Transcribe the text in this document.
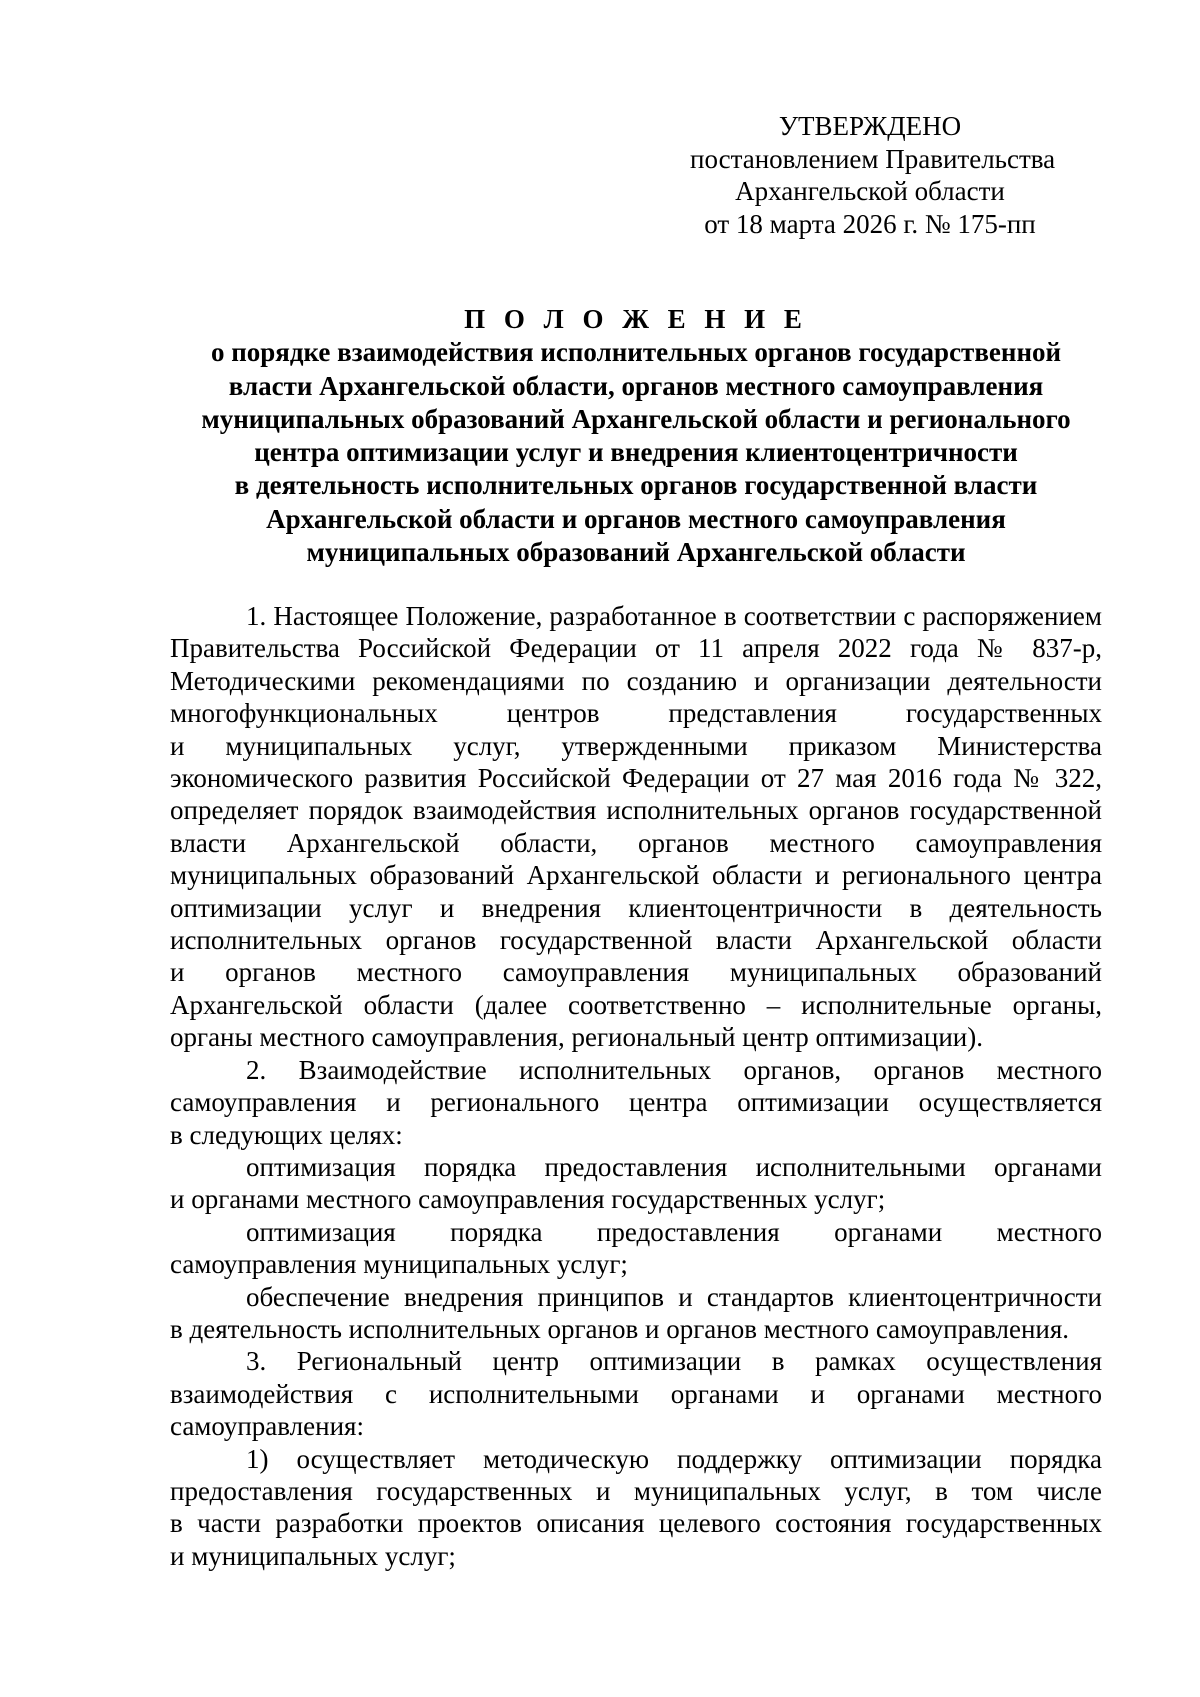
УТВЕРЖДЕНО
постановлением Правительства
Архангельской области
от 18 марта 2026 г. № 175-пп
П О Л О Ж Е Н И Е
о порядке взаимодействия исполнительных органов государственной
власти Архангельской области, органов местного самоуправления
муниципальных образований Архангельской области и регионального
центра оптимизации услуг и внедрения клиентоцентричности
в деятельность исполнительных органов государственной власти
Архангельской области и органов местного самоуправления
муниципальных образований Архангельской области

1. Настоящее Положение, разработанное в соответствии с распоряжением
Правительства Российской Федерации от 11 апреля 2022 года № 837-р,
Методическими рекомендациями по созданию и организации деятельности
многофункциональных центров представления государственных
и муниципальных услуг, утвержденными приказом Министерства
экономического развития Российской Федерации от 27 мая 2016 года № 322,
определяет порядок взаимодействия исполнительных органов государственной
власти Архангельской области, органов местного самоуправления
муниципальных образований Архангельской области и регионального центра
оптимизации услуг и внедрения клиентоцентричности в деятельность
исполнительных органов государственной власти Архангельской области
и органов местного самоуправления муниципальных образований
Архангельской области (далее соответственно – исполнительные органы,
органы местного самоуправления, региональный центр оптимизации).

2. Взаимодействие исполнительных органов, органов местного
самоуправления и регионального центра оптимизации осуществляется
в следующих целях:

оптимизация порядка предоставления исполнительными органами
и органами местного самоуправления государственных услуг;

оптимизация порядка предоставления органами местного
самоуправления муниципальных услуг;

обеспечение внедрения принципов и стандартов клиентоцентричности
в деятельность исполнительных органов и органов местного самоуправления.

3. Региональный центр оптимизации в рамках осуществления
взаимодействия с исполнительными органами и органами местного
самоуправления:

1) осуществляет методическую поддержку оптимизации порядка
предоставления государственных и муниципальных услуг, в том числе
в части разработки проектов описания целевого состояния государственных
и муниципальных услуг;
